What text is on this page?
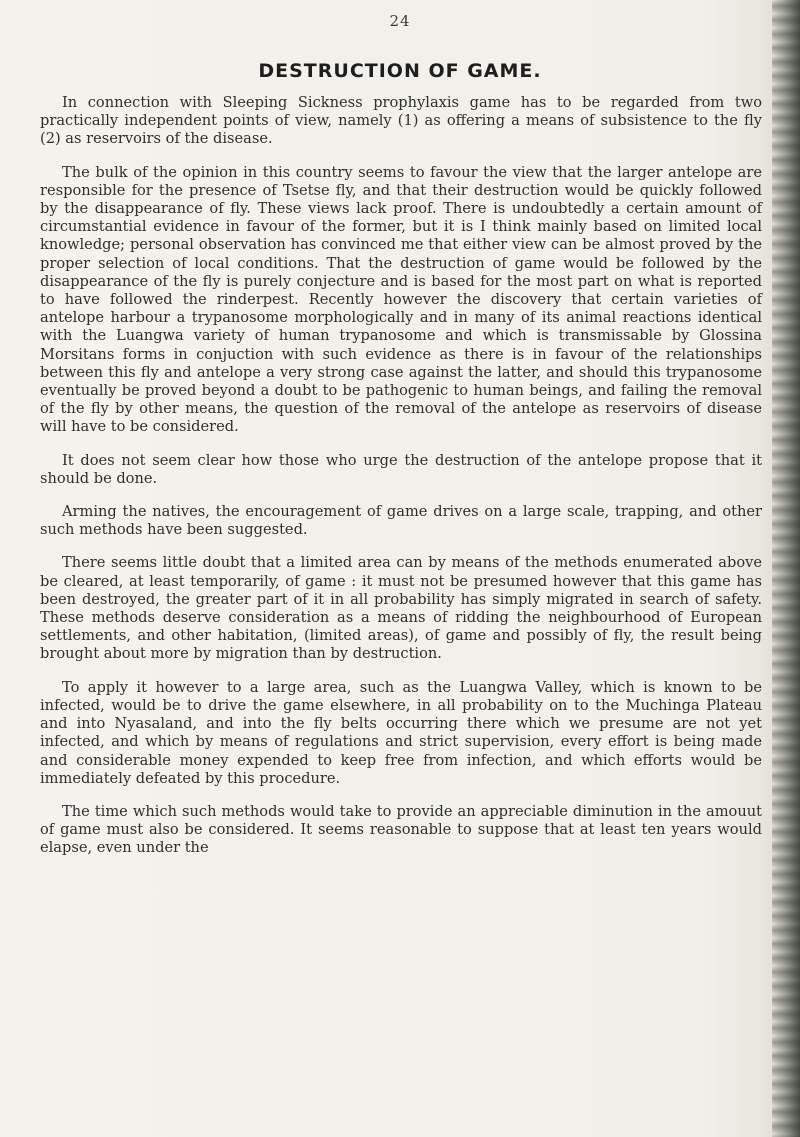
24
DESTRUCTION OF GAME.

In connection with Sleeping Sickness prophylaxis game has to be regarded from two practically independent points of view, namely (1) as offering a means of subsistence to the fly (2) as reservoirs of the disease.

The bulk of the opinion in this country seems to favour the view that the larger antelope are responsible for the presence of Tsetse fly, and that their destruction would be quickly followed by the disappearance of fly. These views lack proof. There is undoubtedly a certain amount of circumstantial evidence in favour of the former, but it is I think mainly based on limited local knowledge; personal observation has convinced me that either view can be almost proved by the proper selection of local conditions. That the destruction of game would be followed by the disappearance of the fly is purely conjecture and is based for the most part on what is reported to have followed the rinderpest. Recently however the discovery that certain varieties of antelope harbour a trypanosome morphologically and in many of its animal reactions identical with the Luangwa variety of human trypanosome and which is transmissable by Glossina Morsitans forms in conjuction with such evidence as there is in favour of the relationships between this fly and antelope a very strong case against the latter, and should this trypanosome eventually be proved beyond a doubt to be pathogenic to human beings, and failing the removal of the fly by other means, the question of the removal of the antelope as reservoirs of disease will have to be considered.

It does not seem clear how those who urge the destruction of the antelope propose that it should be done.

Arming the natives, the encouragement of game drives on a large scale, trapping, and other such methods have been suggested.

There seems little doubt that a limited area can by means of the methods enumerated above be cleared, at least temporarily, of game : it must not be presumed however that this game has been destroyed, the greater part of it in all probability has simply migrated in search of safety. These methods deserve consideration as a means of ridding the neighbourhood of European settlements, and other habitation, (limited areas), of game and possibly of fly, the result being brought about more by migration than by destruction.

To apply it however to a large area, such as the Luangwa Valley, which is known to be infected, would be to drive the game elsewhere, in all probability on to the Muchinga Plateau and into Nyasaland, and into the fly belts occurring there which we presume are not yet infected, and which by means of regulations and strict supervision, every effort is being made and considerable money expended to keep free from infection, and which efforts would be immediately defeated by this procedure.

The time which such methods would take to provide an appreciable diminution in the amouut of game must also be considered. It seems reasonable to suppose that at least ten years would elapse, even under the
